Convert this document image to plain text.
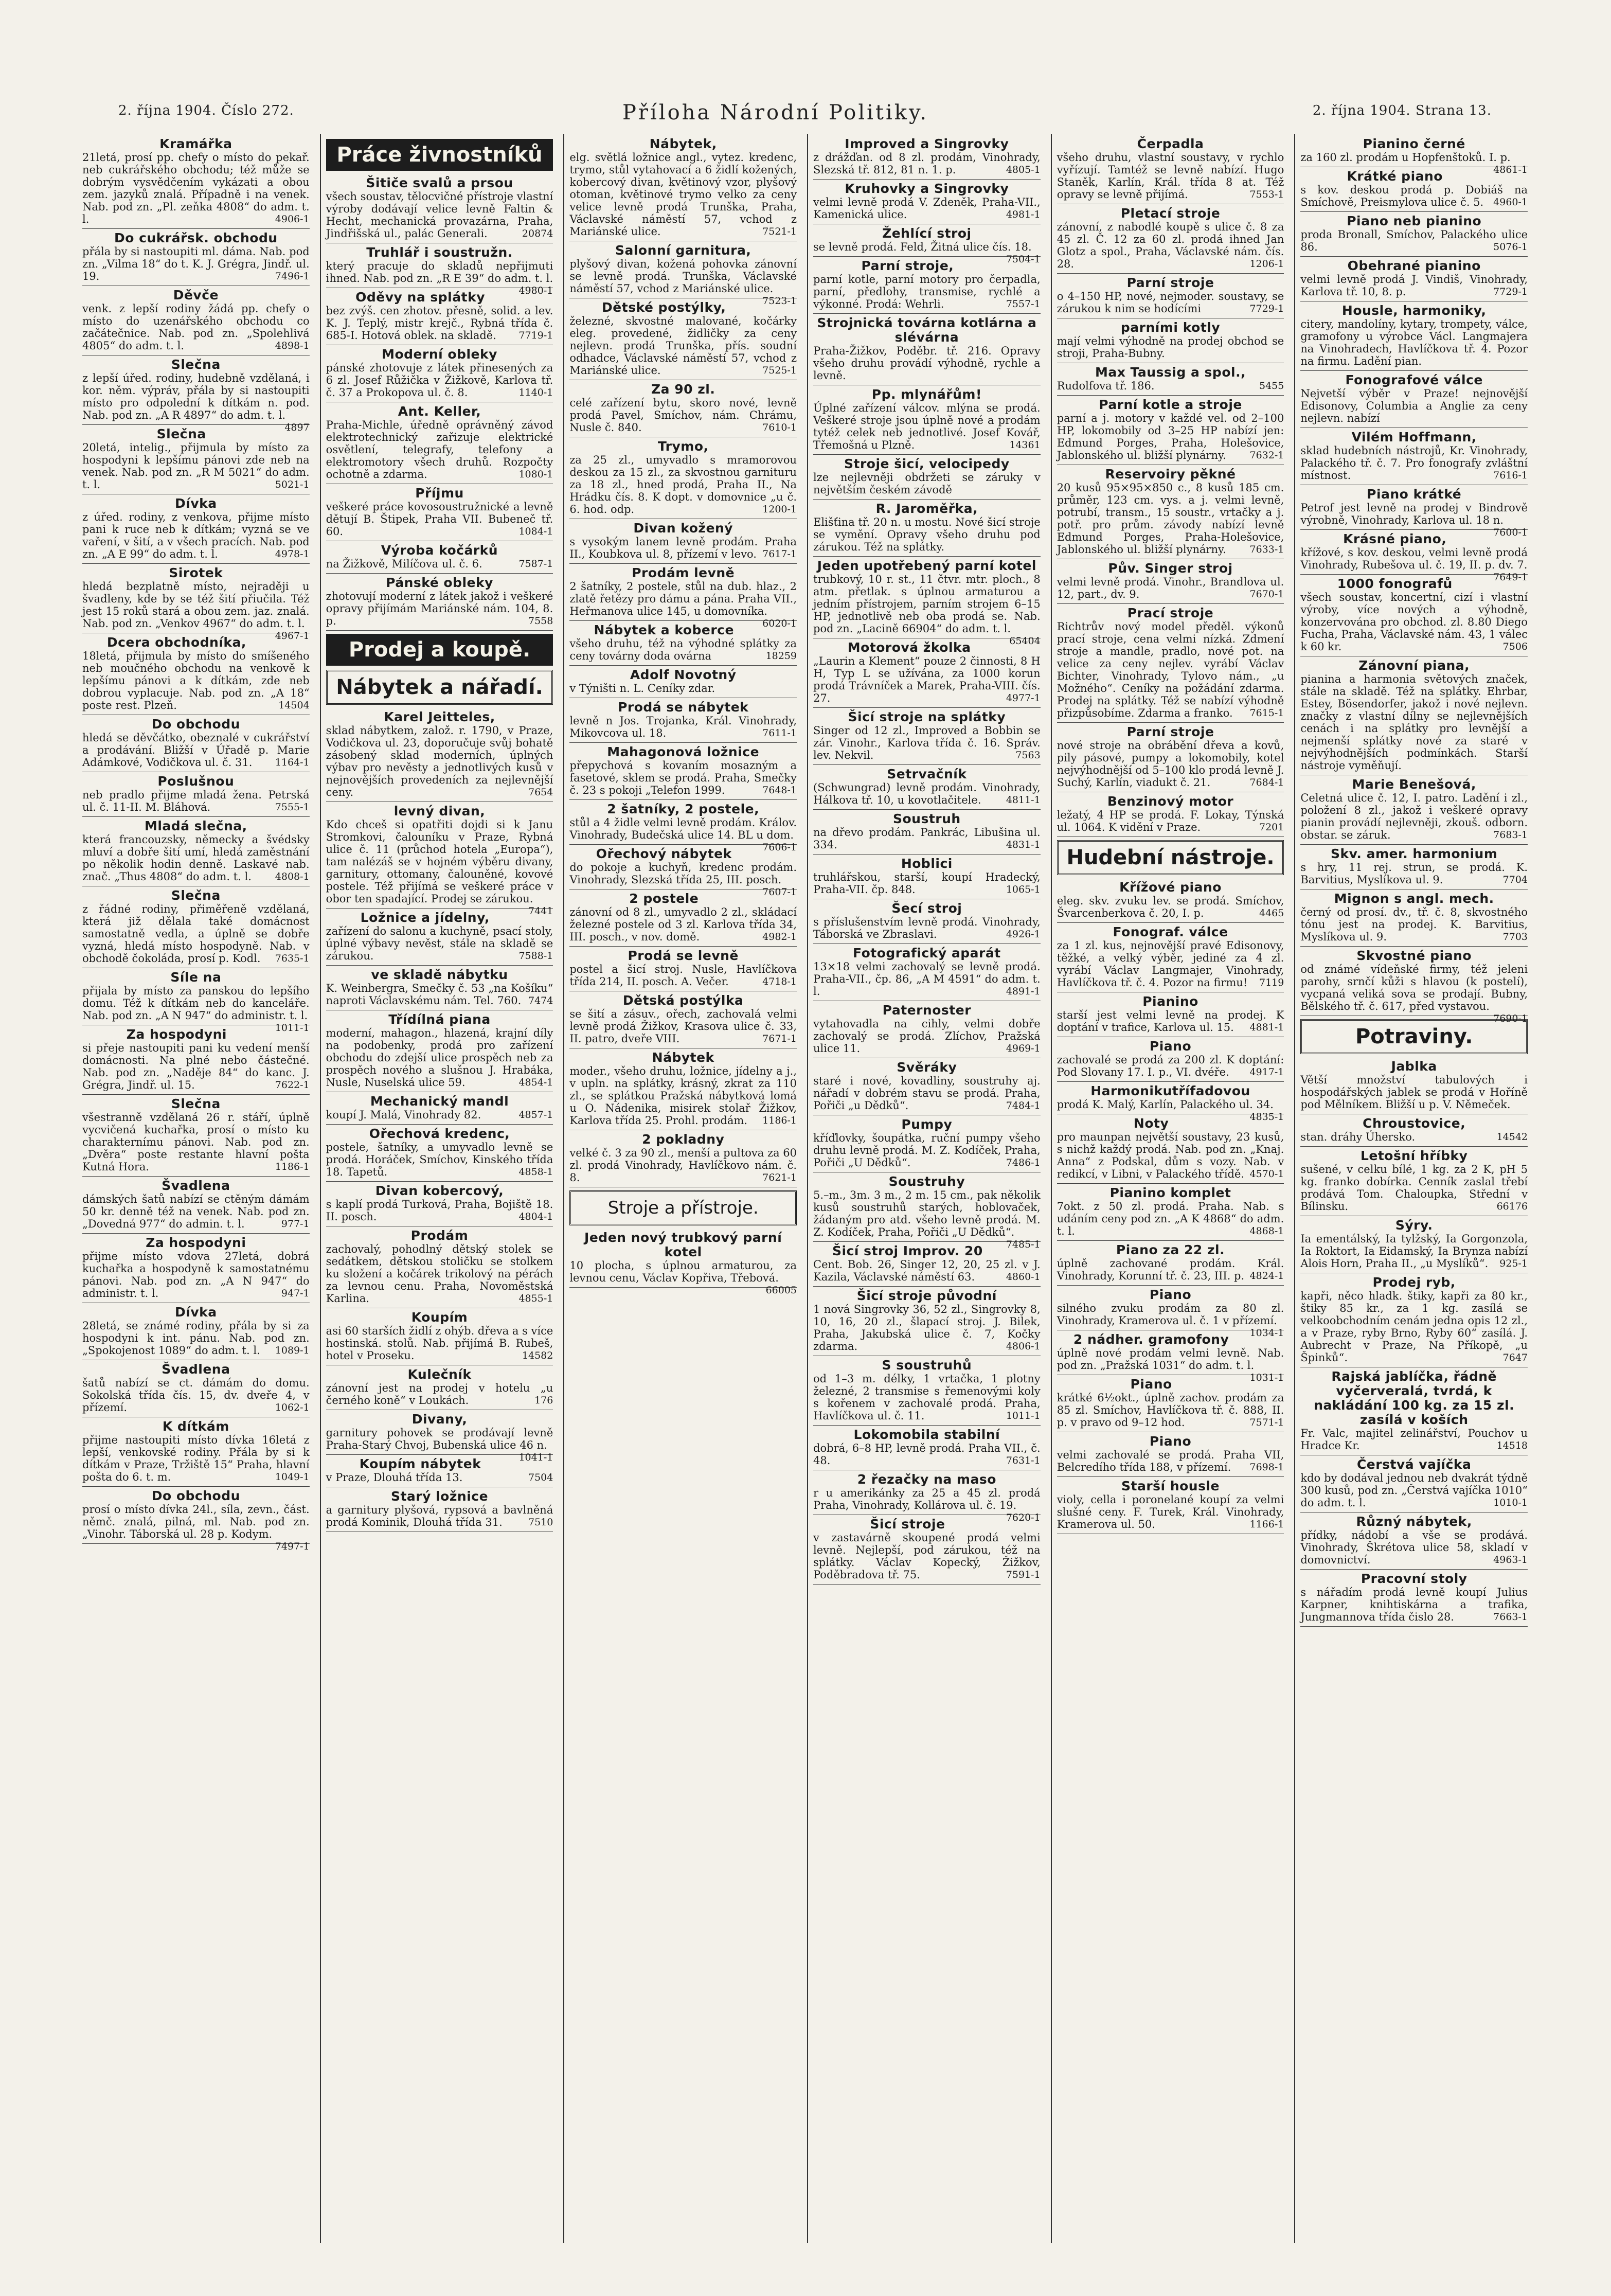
2. října 1904. Číslo 272.	Příloha Národní Politiky.	2. října 1904. Strana 13.
Kramářka
21letá, prosí pp. chefy o místo do pekař. neb cukrářského obchodu; též může se dobrým vysvědčením vykázati a obou zem. jazyků znalá. Případně i na venek. Nab. pod zn. „Pl. zeňka 4808“ do adm. t. l.	4906-1
Do cukrářsk. obchodu
přála by si nastoupiti ml. dáma. Nab. pod zn. „Vilma 18“ do t. K. J. Grégra, Jindř. ul. 19.	7496-1
Děvče
venk. z lepší rodiny žádá pp. chefy o místo do uzenářského obchodu co začátečnice. Nab. pod zn. „Spolehlivá 4805“ do adm. t. l.	4898-1
Slečna
z lepší úřed. rodiny, hudebně vzdělaná, i kor. něm. výpráv, přála by si nastoupiti místo pro odpolední k dítkám n. pod. Nab. pod zn. „A R 4897“ do adm. t. l.
4897
Slečna
20letá, intelig., přijmula by místo za hospodyni k lepšímu pánovi zde neb na venek. Nab. pod zn. „R M 5021“ do adm. t. l.	5021-1
Dívka
z úřed. rodiny, z venkova, přijme místo pani k ruce neb k dítkám; vyzná se ve vaření, v šití, a v všech pracích. Nab. pod zn. „A E 99“ do adm. t. l.	4978-1
Sirotek
hledá bezplatně místo, nejraději u švadleny, kde by se též šití přiučila. Též jest 15 roků stará a obou zem. jaz. znalá. Nab. pod zn. „Venkov 4967“ do adm. t. l.
4967-1
Dcera obchodníka,
18letá, přijmula by místo do smíšeného neb moučného obchodu na venkově k lepšímu pánovi a k dítkám, zde neb dobrou vyplacuje. Nab. pod zn. „A 18“ poste rest. Plzeň.	14504
Do obchodu
hledá se děvčátko, obeznalé v cukrářství a prodávání. Bližší v Úřadě p. Marie Adámkové, Vodičkova ul. č. 31. 1164-1
Poslušnou
neb pradlo přijme mladá žena. Petrská ul. č. 11-II. M. Bláhová.	7555-1
Mladá slečna,
která francouzsky, německy a švédsky mluví a dobře šití umí, hledá zaměstnání po několik hodin denně. Laskavé nab. znač. „Thus 4808“ do adm. t. l. 4808-1
Slečna
z řádné rodiny, přiměřeně vzdělaná, která již dělala také domácnost samostatně vedla, a úplně se dobře vyzná, hledá místo hospodyně. Nab. v obchodě čokoláda, prosí p. Kodl. 7635-1
Síle na
přijala by místo za panskou do lepšího domu. Též k dítkám neb do kanceláře. Nab. pod zn. „A N 947“ do administr. t. l.
1011-1
Za hospodyni
si přeje nastoupiti pani ku vedení menší domácnosti. Na plné nebo částečné. Nab. pod zn. „Naděje 84“ do kanc. J. Grégra, Jindř. ul. 15.	7622-1
Slečna
všestranně vzdělaná 26 r. stáří, úplně vycvičená kuchařka, prosí o místo ku charakternímu pánovi. Nab. pod zn. „Dvěra“ poste restante hlavní pošta Kutná Hora.	1186-1
Švadlena
dámských šatů nabízí se ctěným dámám 50 kr. denně též na venek. Nab. pod zn. „Dovedná 977“ do admin. t. l.	977-1
Za hospodyni
přijme místo vdova 27letá, dobrá kuchařka a hospodyně k samostatnému pánovi. Nab. pod zn. „A N 947“ do administr. t. l.	947-1
Dívka
28letá, se známé rodiny, přála by si za hospodyni k int. pánu. Nab. pod zn. „Spokojenost 1089“ do adm. t. l. 1089-1
Švadlena
šatů nabízí se ct. dámám do domu. Sokolská třída čís. 15, dv. dveře 4, v přízemí.	1062-1
K dítkám
přijme nastoupiti místo dívka 16letá z lepší, venkovské rodiny. Přála by si k dítkám v Praze, Tržiště 15“ Praha, hlavní pošta do 6. t. m.	1049-1
Do obchodu
prosí o místo dívka 24l., síla, zevn., část. němč. znalá, pilná, ml. Nab. pod zn. „Vinohr. Táborská ul. 28 p. Kodym.
7497-1
Práce živnostníků
Šitiče svalů a prsou
všech soustav, tělocvičné přístroje vlastní výroby dodávají velice levně Faltin & Hecht, mechanická provazárna, Praha, Jindřišská ul., palác Generali.	20874
Truhlář i soustružn.
který pracuje do skladů nepřijmuti ihned. Nab. pod zn. „R E 39“ do adm. t. l.
4980-1
Oděvy na splátky
bez zvýš. cen zhotov. přesně, solid. a lev. K. J. Teplý, mistr krejč., Rybná třída č. 685-I. Hotová oblek. na skladě. 7719-1
Moderní obleky
pánské zhotovuje z látek přinesených za 6 zl. Josef Růžička v Žižkově, Karlova tř. č. 37 a Prokopova ul. č. 8.	1140-1
Ant. Keller,
Praha-Michle, úředně oprávněný závod elektrotechnický zařizuje elektrické osvětlení, telegrafy, telefony a elektromotory všech druhů. Rozpočty ochotně a zdarma.	1080-1
Příjmu
veškeré práce kovosoustružnické a levně dětují B. Štipek, Praha VII. Bubeneč tř. 60.	1084-1
Výroba kočárků
na Žižkově, Milíčova ul. č. 6.	7587-1
Pánské obleky
zhotovují moderní z látek jakož i veškeré opravy přijímám Mariánské nám. 104, 8. p.	7558
Prodej a koupě.
Nábytek a nářadí.
Karel Jeitteles,
sklad nábytkem, založ. r. 1790, v Praze, Vodičkova ul. 23, doporučuje svůj bohatě zásobený sklad moderních, úplných výbav pro nevěsty a jednotlivých kusů v nejnovějších provedeních za nejlevnější ceny.	7654
levný divan,
Kdo chceš si opatřiti dojdi si k Janu Stromkovi, čalouníku v Praze, Rybná ulice č. 11 (průchod hotela „Europa“), tam nalézáš se v hojném výběru divany, garnitury, ottomany, čalouněné, kovové postele. Též přijímá se veškeré práce v obor ten spadající. Prodej se zárukou.
7441
Ložnice a jídelny,
zařízení do salonu a kuchyně, psací stoly, úplné výbavy nevěst, stále na skladě se zárukou.	7588-1
ve skladě nábytku
K. Weinbergra, Smečky č. 53 „na Košíku“ naproti Václavskému nám. Tel. 760. 7474
Třídílná piana
moderní, mahagon., hlazená, krajní díly na podobenky, prodá pro zařízení obchodu do zdejší ulice prospěch neb za prospěch nového a slušnou J. Hrabáka, Nusle, Nuselská ulice 59.	4854-1
Mechanický mandl
koupí J. Malá, Vinohrady 82.	4857-1
Ořechová kredenc,
postele, šatníky, a umyvadlo levně se prodá. Horáček, Smíchov, Kinského třída 18. Tapetů.	4858-1
Divan kobercový,
s kaplí prodá Turková, Praha, Bojiště 18. II. posch.	4804-1
Prodám
zachovalý, pohodlný dětský stolek se sedátkem, dětskou stoličku se stolkem ku složení a kočárek trikolový na pérách za levnou cenu. Praha, Novoměstská Karlina.	4855-1
Koupím
asi 60 starších židlí z ohýb. dřeva a s více hostinská. stolů. Nab. přijímá B. Rubeš, hotel v Proseku.	14582
Kulečník
zánovní jest na prodej v hotelu „u černého koně“ v Loukách.	176
Divany,
garnitury pohovek se prodávají levně Praha-Starý Chvoj, Bubenská ulice 46 n.
1041-1
Koupím nábytek
v Praze, Dlouhá třída 13.	7504
Starý ložnice
a garnitury plyšová, rypsová a bavlněná prodá Kominik, Dlouhá třída 31.	7510
Nábytek,
elg. světlá ložnice angl., vytez. kredenc, trymo, stůl vytahovací a 6 židlí kožených, kobercový divan, květinový vzor, plyšový otoman, květinové trymo velko za ceny velice levně prodá Trunška, Praha, Václavské náměstí 57, vchod z Mariánské ulice.	7521-1
Salonní garnitura,
plyšový divan, kožená pohovka zánovní se levně prodá. Trunška, Václavské náměstí 57, vchod z Mariánské ulice.
7523-1
Dětské postýlky,
železné, skvostné malované, kočárky eleg. provedené, židličky za ceny nejlevn. prodá Trunška, přís. soudní odhadce, Václavské náměstí 57, vchod z Mariánské ulice.	7525-1
Za 90 zl.
celé zařízení bytu, skoro nové, levně prodá Pavel, Smíchov, nám. Chrámu, Nusle č. 840.	7610-1
Trymo,
za 25 zl., umyvadlo s mramorovou deskou za 15 zl., za skvostnou garnituru za 18 zl., hned prodá, Praha II., Na Hrádku čís. 8. K dopt. v domovnice „u č. 6. hod. odp.	1200-1
Divan kožený
s vysokým lanem levně prodám. Praha II., Koubkova ul. 8, přízemí v levo. 7617-1
Prodám levně
2 šatníky, 2 postele, stůl na dub. hlaz., 2 zlatě řetězy pro dámu a pána. Praha VII., Heřmanova ulice 145, u domovníka.
6020-1
Nábytek a koberce
všeho druhu, též na výhodné splátky za ceny továrny doda ovárna	18259
Adolf Novotný
v Týništi n. L. Ceníky zdar.
Prodá se nábytek
levně n Jos. Trojanka, Král. Vinohrady, Mikovcova ul. 18.	7611-1
Mahagonová ložnice
přepychová s kovaním mosazným a fasetové, sklem se prodá. Praha, Smečky č. 23 s pokoji „Telefon 1999.	7648-1
2 šatníky, 2 postele,
stůl a 4 židle velmi levně prodám. Králov. Vinohrady, Budečská ulice 14. BL u dom.
7606-1
Ořechový nábytek
do pokoje a kuchyň, kredenc prodám. Vinohrady, Slezská třída 25, III. posch.
7607-1
2 postele
zánovní od 8 zl., umyvadlo 2 zl., skládací železné postele od 3 zl. Karlova třída 34, III. posch., v nov. domě.	4982-1
Prodá se levně
postel a šicí stroj. Nusle, Havlíčkova třída 214, II. posch. A. Večer.	4718-1
Dětská postýlka
se šití a zásuv., ořech, zachovalá velmi levně prodá Žižkov, Krasova ulice č. 33, II. patro, dveře VIII.	7671-1
Nábytek
moder., všeho druhu, ložnice, jídelny a j., v upln. na splátky, krásný, zkrat za 110 zl., se splátkou Pražská nábytková lomá u O. Nádenika, misirek stolař Žižkov, Karlova třída 25. Prohl. prodám. 1186-1
2 pokladny
velké č. 3 za 90 zl., menší a pultova za 60 zl. prodá Vinohrady, Havlíčkovo nám. č. 8.	7621-1
Stroje a přístroje.
Jeden nový trubkový parní kotel
10 plocha, s úplnou armaturou, za levnou cenu, Václav Kopřiva, Třebová.
66005
Improved a Singrovky
z drážďan. od 8 zl. prodám, Vinohrady, Slezská tř. 812, 81 n. 1. p.	4805-1
Kruhovky a Singrovky
velmi levně prodá V. Zdeněk, Praha-VII., Kamenická ulice.	4981-1
Žehlící stroj
se levně prodá. Feld, Žitná ulice čís. 18.
7504-1
Parní stroje,
parní kotle, parní motory pro čerpadla, parní, předlohy, transmise, rychlé a výkonné. Prodá: Wehrli.	7557-1
Strojnická továrna kotlárna a slévárna
Praha-Žižkov, Poděbr. tř. 216. Opravy všeho druhu provádí výhodně, rychle a levně.
Pp. mlynářům!
Úplné zařízení válcov. mlýna se prodá. Veškeré stroje jsou úplně nové a prodám tytéž celek neb jednotlivé. Josef Kovář, Třemošná u Plzně.	14361
Stroje šicí, velocipedy
lze nejlevněji obdržeti se záruky v největším českém závodě
R. Jaroměřka,
Elišťina tř. 20 n. u mostu. Nové šicí stroje se vymění. Opravy všeho druhu pod zárukou. Též na splátky.
Jeden upotřebený parní kotel
trubkový, 10 r. st., 11 čtvr. mtr. ploch., 8 atm. přetlak. s úplnou armaturou a jedním přístrojem, parním strojem 6–15 HP, jednotlivě neb oba prodá se. Nab. pod zn. „Lacině 66904“ do adm. t. l.
65404
Motorová žkolka
„Laurin a Klement“ pouze 2 činnosti, 8 H H, Typ L se užívána, za 1000 korun prodá Trávníček a Marek, Praha-VIII. čís. 27.	4977-1
Šicí stroje na splátky
Singer od 12 zl., Improved a Bobbin se zár. Vinohr., Karlova třída č. 16. Správ. lev. Nekvil.	7563
Setrvačník
(Schwungrad) levně prodám. Vinohrady, Hálkova tř. 10, u kovotlačitele.	4811-1
Soustruh
na dřevo prodám. Pankrác, Libušina ul. 334.	4831-1
Hoblici
truhlářskou, starší, koupí Hradecký, Praha-VII. čp. 848.	1065-1
Šecí stroj
s příslušenstvím levně prodá. Vinohrady, Táborská ve Zbraslavi.	4926-1
Fotografický aparát
13×18 velmi zachovalý se levně prodá. Praha-VII., čp. 86, „A M 4591“ do adm. t. l.	4891-1
Paternoster
vytahovadla na cihly, velmi dobře zachovalý se prodá. Zlíchov, Pražská ulice 11.	4969-1
Svěráky
staré i nové, kovadliny, soustruhy aj. nářadí v dobrém stavu se prodá. Praha, Pořiči „u Dědků“.	7484-1
Pumpy
kříďlovky, šoupátka, ruční pumpy všeho druhu levně prodá. M. Z. Kodíček, Praha, Pořiči „U Dědků“.	7486-1
Soustruhy
5.–m., 3m. 3 m., 2 m. 15 cm., pak několik kusů soustruhů starých, hoblovaček, žádaným pro atd. všeho levně prodá. M. Z. Kodíček, Praha, Pořiči „U Dědků“.
7485-1
Šicí stroj Improv. 20
Cent. Bob. 26, Singer 12, 20, 25 zl. v J. Kazila, Václavské náměstí 63.	4860-1
Šicí stroje původní
1 nová Singrovky 36, 52 zl., Singrovky 8, 10, 16, 20 zl., šlapací stroj. J. Bilek, Praha, Jakubská ulice č. 7, Kočky zdarma.	4806-1
S soustruhů
od 1–3 m. délky, 1 vrtačka, 1 plotny železné, 2 transmise s řemenovými koly s kořenem v zachovalé prodá. Praha, Havlíčkova ul. č. 11.	1011-1
Lokomobila stabilní
dobrá, 6–8 HP, levně prodá. Praha VII., č. 48.	7631-1
2 řezačky na maso
r u amerikánky za 25 a 45 zl. prodá Praha, Vinohrady, Kollárova ul. č. 19.
7620-1
Šicí stroje
v zastavárně skoupené prodá velmi levně. Nejlepší, pod zárukou, též na splátky. Václav Kopecký, Žižkov, Poděbradova tř. 75.	7591-1
Čerpadla
všeho druhu, vlastní soustavy, v rychlo vyřízují. Tamtéž se levně nabízí. Hugo Staněk, Karlín, Král. třída 8 at. Též opravy se levně přijímá.	7553-1
Pletací stroje
zánovní, z nabodlé koupě s ulice č. 8 za 45 zl. Č. 12 za 60 zl. prodá ihned Jan Glotz a spol., Praha, Václavské nám. čís. 28.	1206-1
Parní stroje
o 4–150 HP, nové, nejmoder. soustavy, se zárukou k nim se hodícími	7729-1
parními kotly
mají velmi výhodně na prodej obchod se stroji, Praha-Bubny.
Max Taussig a spol.,
Rudolfova tř. 186.	5455
Parní kotle a stroje
parní a j. motory v každé vel. od 2–100 HP, lokomobily od 3–25 HP nabízí jen: Edmund Porges, Praha, Holešovice, Jablonského ul. bližší plynárny. 7632-1
Reservoiry pěkné
20 kusů 95×95×850 c., 8 kusů 185 cm. průměr, 123 cm. vys. a j. velmi levně, potrubí, transm., 15 soustr., vrtačky a j. potř. pro prům. závody nabízí levně Edmund Porges, Praha-Holešovice, Jablonského ul. bližší plynárny. 7633-1
Pův. Singer stroj
velmi levně prodá. Vinohr., Brandlova ul. 12, part., dv. 9.	7670-1
Prací stroje
Richtrův nový model předěl. výkonů prací stroje, cena velmi nízká. Zdmení stroje a mandle, pradlo, nové pot. na velice za ceny nejlev. vyrábí Václav Bichter, Vinohrady, Tylovo nám., „u Možného“. Ceníky na požádání zdarma. Prodej na splátky. Též se nabízí výhodně přizpůsobíme. Zdarma a franko. 7615-1
Parní stroje
nové stroje na obrábění dřeva a kovů, pily pásové, pumpy a lokomobily, kotel nejvýhodnější od 5–100 klo prodá levně J. Suchý, Karlín, viadukt č. 21.	7684-1
Benzinový motor
ležatý, 4 HP se prodá. F. Lokay, Týnská ul. 1064. K vidění v Praze.	7201
Hudební nástroje.
Křížové piano
eleg. skv. zvuku lev. se prodá. Smíchov, Švarcenberkova č. 20, I. p.	4465
Fonograf. válce
za 1 zl. kus, nejnovější pravé Edisonovy, těžké, a velký výběr, jediné za 4 zl. vyrábí Václav Langmajer, Vinohrady, Havlíčkova tř. č. 4. Pozor na firmu! 7119
Pianino
starší jest velmi levně na prodej. K doptání v trafice, Karlova ul. 15. 4881-1
Piano
zachovalé se prodá za 200 zl. K doptání: Pod Slovany 17. I. p., VI. dvéře. 4917-1
Harmonikutřífadovou
prodá K. Malý, Karlín, Palackého ul. 34.
4835-1
Noty
pro maunpan největší soustavy, 23 kusů, s nichž každý prodá. Nab. pod zn. „Knaj. Anna“ z Podskal, dům s vozy. Nab. v redikcí, v Libni, v Palackého třídě. 4570-1
Pianino komplet
7okt. z 50 zl. prodá. Praha. Nab. s udáním ceny pod zn. „A K 4868“ do adm. t. l.	4868-1
Piano za 22 zl.
úplně zachované prodám. Král. Vinohrady, Korunní tř. č. 23, III. p. 4824-1
Piano
silného zvuku prodám za 80 zl. Vinohrady, Kramerova ul. č. 1 v přízemí.
1034-1
2 nádher. gramofony
úplně nové prodám velmi levně. Nab. pod zn. „Pražská 1031“ do adm. t. l.
1031-1
Piano
krátké 6½okt., úplně zachov. prodám za 85 zl. Smíchov, Havlíčkova tř. č. 888, II. p. v pravo od 9–12 hod.	7571-1
Piano
velmi zachovalé se prodá. Praha VII, Belcredího třída 188, v přízemí. 7698-1
Starší housle
violy, cella i poronelané koupí za velmi slušné ceny. F. Turek, Král. Vinohrady, Kramerova ul. 50.	1166-1
Pianino černé
za 160 zl. prodám u Hopfenštoků. I. p.
4861-1
Krátké piano
s kov. deskou prodá p. Dobiáš na Smíchově, Preismylova ulice č. 5. 4960-1
Piano neb pianino
proda Bronall, Smíchov, Palackého ulice 86.	5076-1
Obehrané pianino
velmi levně prodá J. Vindiš, Vinohrady, Karlova tř. 10, 8. p.	7729-1
Housle, harmoniky,
citery, mandolíny, kytary, trompety, válce, gramofony u výrobce Václ. Langmajera na Vinohradech, Havlíčkova tř. 4. Pozor na firmu. Ladění pian.
Fonografové válce
Nejvetší výběr v Praze! nejnovější Edisonovy, Columbia a Anglie za ceny nejlevn. nabízí
Vilém Hoffmann,
sklad hudebních nástrojů, Kr. Vinohrady, Palackého tř. č. 7. Pro fonografy zvláštní místnost.	7616-1
Piano krátké
Petrof jest levně na prodej v Bindrově výrobně, Vinohrady, Karlova ul. 18 n.
7600-1
Krásné piano,
křížové, s kov. deskou, velmi levně prodá Vinohrady, Rubešova ul. č. 19, II. p. dv. 7.
7649-1
1000 fonografů
všech soustav, koncertní, cizí i vlastní výroby, více nových a výhodně, konzervována pro obchod. zl. 8.80 Diego Fucha, Praha, Václavské nám. 43, 1 válec k 60 kr.	7506
Zánovní piana,
pianina a harmonia světových značek, stále na skladě. Též na splátky. Ehrbar, Estey, Bösendorfer, jakož i nové nejlevn. značky z vlastní dílny se nejlevnějších cenách i na splátky pro levnější a nejmenší splátky nové za staré v nejvýhodnějších podmínkách. Starší nástroje vyměňují.
Marie Benešová,
Celetná ulice č. 12, I. patro. Ladění i zl., položení 8 zl., jakož i veškeré opravy pianin provádí nejlevněji, zkouš. odborn. obstar. se záruk.	7683-1
Skv. amer. harmonium
s hry, 11 rej. strun, se prodá. K. Barvitius, Myslíkova ul. 9.	7704
Mignon s angl. mech.
černý od prosí. dv., tř. č. 8, skvostného tónu jest na prodej. K. Barvitius, Myslíkova ul. 9.	7703
Skvostné piano
od známé vídeňské firmy, též jeleni parohy, srnčí kůži s hlavou (k postelí), vycpaná veliká sova se prodají. Bubny, Bělského tř. č. 617, před vystavou.
7690-1
Potraviny.
Jablka
Větší množství tabulových i hospodářských jablek se prodá v Hoříně pod Mělníkem. Bližší u p. V. Němeček.
Chroustovice,
stan. dráhy Úhersko.	14542
Letošní hříbky
sušené, v celku bílé, 1 kg. za 2 K, pH 5 kg. franko dobírka. Cenník zaslal třebí prodává Tom. Chaloupka, Střední v Bílinsku.	66176
Sýry.
Ia ementálský, Ia tylžský, Ia Gorgonzola, Ia Roktort, Ia Eidamský, Ia Brynza nabízí Alois Horn, Praha II., „u Myslíků“. 925-1
Prodej ryb,
kapři, něco hladk. štiky, kapři za 80 kr., štiky 85 kr., za 1 kg. zasílá se velkoobchodním cenám jedna opis 12 zl., a v Praze, ryby Brno, Ryby 60“ zasílá. J. Aubrecht v Praze, Na Příkopě, „u Špinků“.	7647
Rajská jablíčka, řádně vyčerveralá, tvrdá, k nakládání 100 kg. za 15 zl. zasílá v koších
Fr. Valc, majitel zelinářství, Pouchov u Hradce Kr.	14518
Čerstvá vajíčka
kdo by dodával jednou neb dvakrát týdně 300 kusů, pod zn. „Čerstvá vajíčka 1010“ do adm. t. l.	1010-1
Různý nábytek,
přídky, nádobí a vše se prodává. Vinohrady, Škrétova ulice 58, skladí v domovnictví.	4963-1
Pracovní stoly
s nářadím prodá levně koupí Julius Karpner, knihtiskárna a trafika, Jungmannova třída čislo 28.	7663-1
